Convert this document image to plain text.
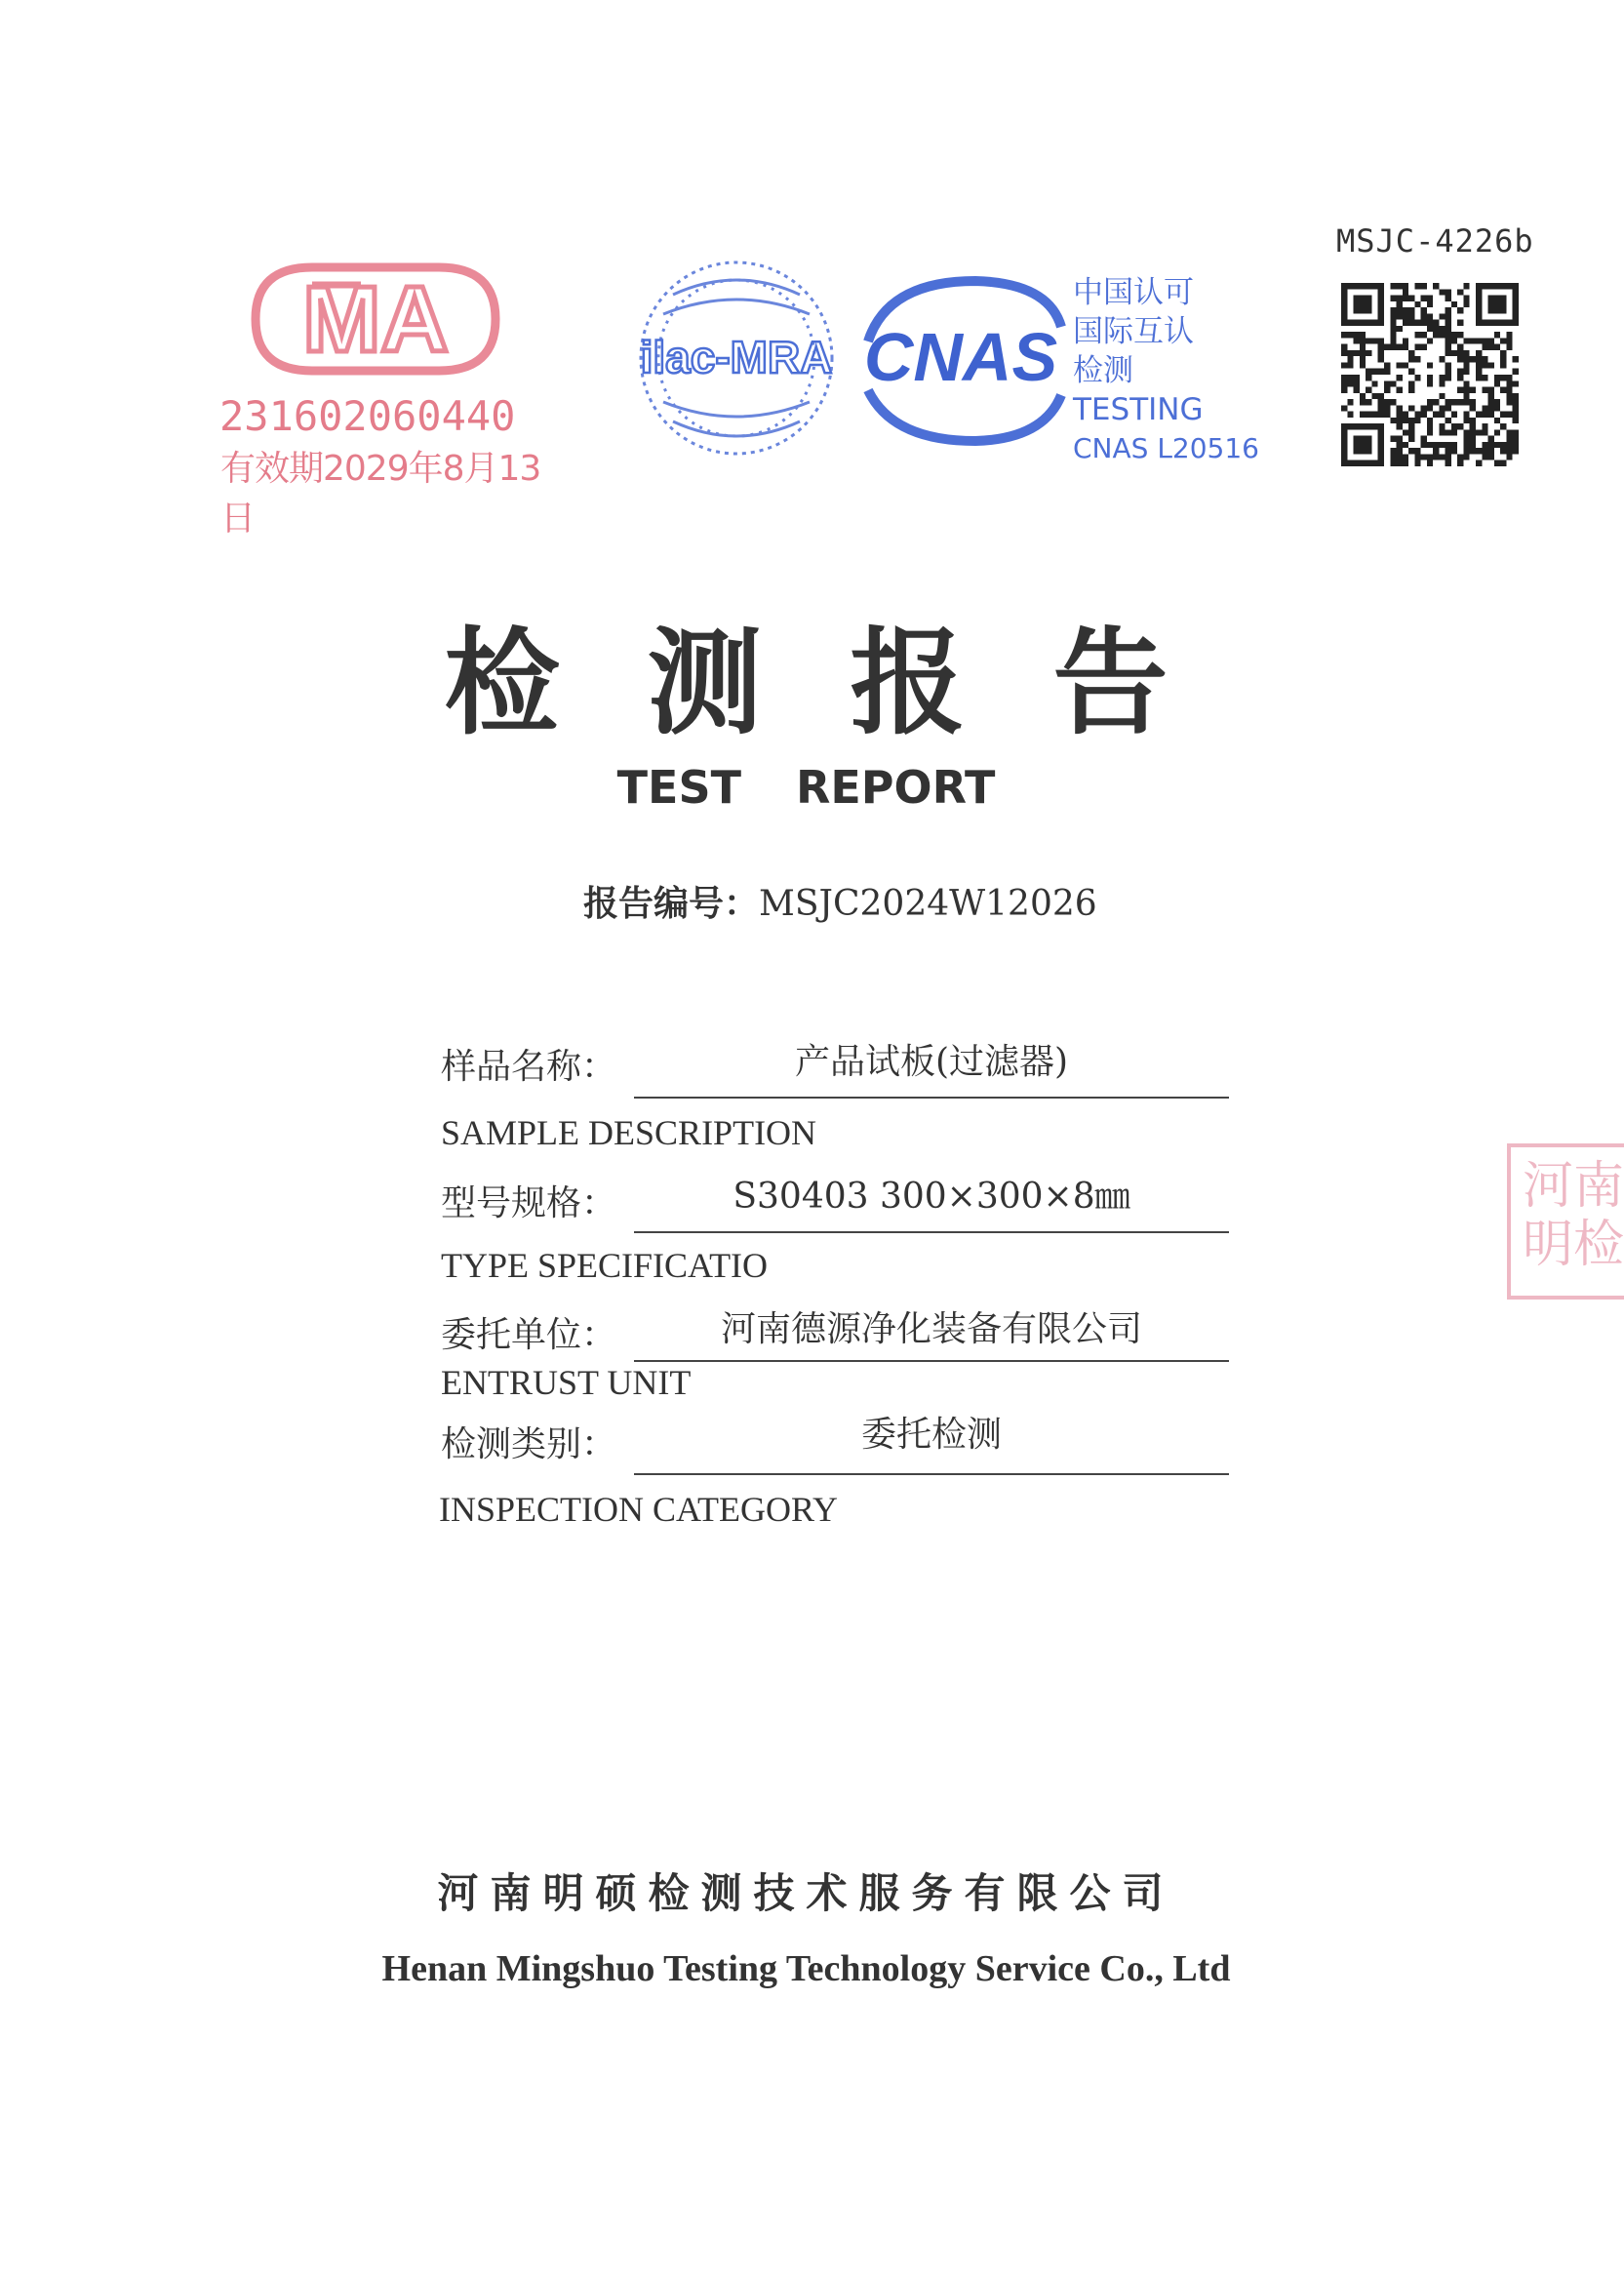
MSJC-4226b
MA
231602060440
有效期2029年8月13日
ilac-MRA CNAS
中国认可
国际互认
检测
TESTING
CNAS L20516
检测报告
TEST REPORT
报告编号：MSJC2024W12026
样品名称：	产品试板(过滤器)
SAMPLE DESCRIPTION
型号规格：	S30403 300×300×8㎜
TYPE SPECIFICATIO
委托单位：	河南德源净化装备有限公司
ENTRUST UNIT
检测类别：	委托检测
INSPECTION CATEGORY
河南明检
河南明硕检测技术服务有限公司
Henan Mingshuo Testing Technology Service Co., Ltd
